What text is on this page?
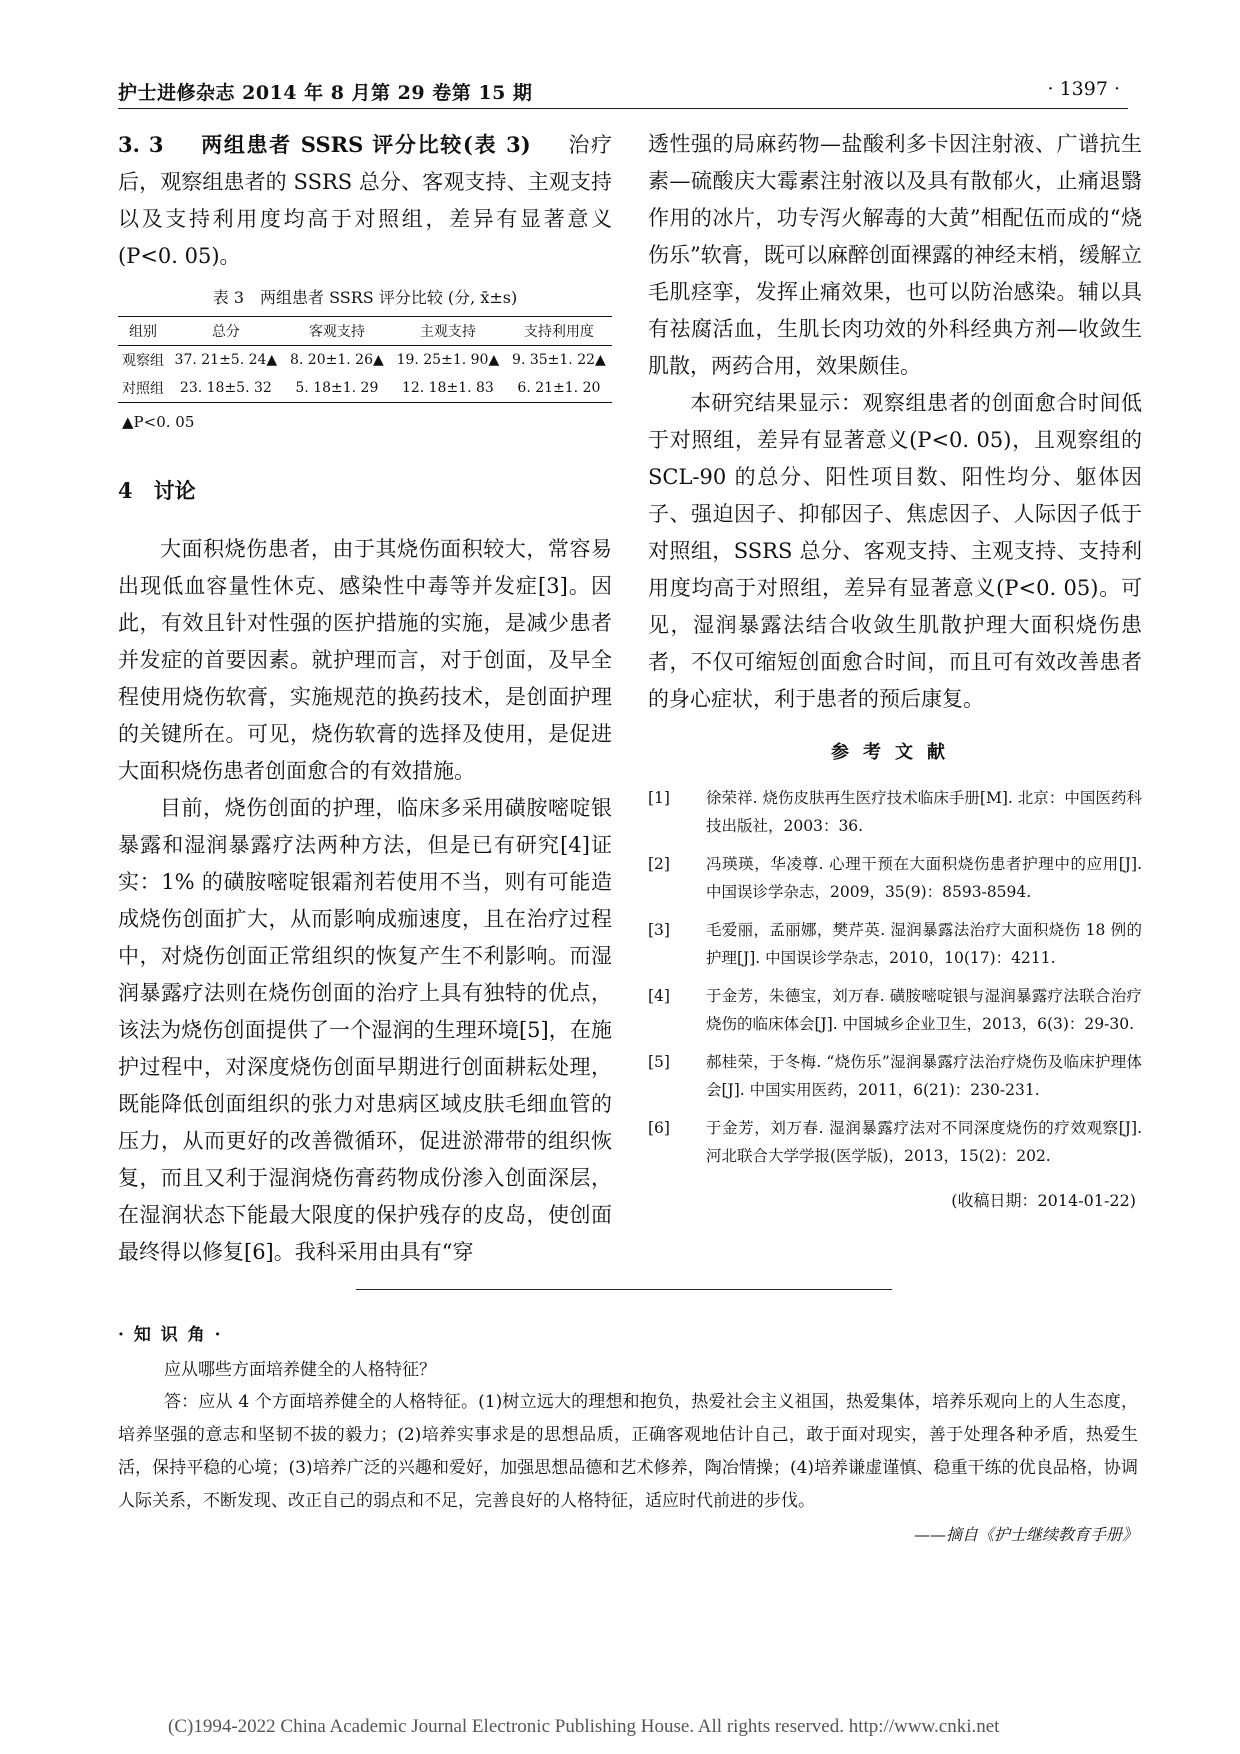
护士进修杂志 2014 年 8 月第 29 卷第 15 期	· 1397 ·

3. 3   两组患者 SSRS 评分比较(表 3)   治疗后，观察组患者的 SSRS 总分、客观支持、主观支持以及支持利用度均高于对照组，差异有显著意义(P<0. 05)。

表 3　两组患者 SSRS 评分比较 (分, x̄±s)
组别	总分	客观支持	主观支持	支持利用度
观察组	37. 21±5. 24▲	8. 20±1. 26▲	19. 25±1. 90▲	9. 35±1. 22▲
对照组	23. 18±5. 32	5. 18±1. 29	12. 18±1. 83	6. 21±1. 20
▲P<0. 05
4　讨论

大面积烧伤患者，由于其烧伤面积较大，常容易出现低血容量性休克、感染性中毒等并发症[3]。因此，有效且针对性强的医护措施的实施，是减少患者并发症的首要因素。就护理而言，对于创面，及早全程使用烧伤软膏，实施规范的换药技术，是创面护理的关键所在。可见，烧伤软膏的选择及使用，是促进大面积烧伤患者创面愈合的有效措施。

目前，烧伤创面的护理，临床多采用磺胺嘧啶银暴露和湿润暴露疗法两种方法，但是已有研究[4]证实：1% 的磺胺嘧啶银霜剂若使用不当，则有可能造成烧伤创面扩大，从而影响成痂速度，且在治疗过程中，对烧伤创面正常组织的恢复产生不利影响。而湿润暴露疗法则在烧伤创面的治疗上具有独特的优点，该法为烧伤创面提供了一个湿润的生理环境[5]，在施护过程中，对深度烧伤创面早期进行创面耕耘处理，既能降低创面组织的张力对患病区域皮肤毛细血管的压力，从而更好的改善微循环，促进淤滞带的组织恢复，而且又利于湿润烧伤膏药物成份渗入创面深层，在湿润状态下能最大限度的保护残存的皮岛，使创面最终得以修复[6]。我科采用由具有“穿

透性强的局麻药物—盐酸利多卡因注射液、广谱抗生素—硫酸庆大霉素注射液以及具有散郁火，止痛退翳作用的冰片，功专泻火解毒的大黄”相配伍而成的“烧伤乐”软膏，既可以麻醉创面裸露的神经末梢，缓解立毛肌痉挛，发挥止痛效果，也可以防治感染。辅以具有祛腐活血，生肌长肉功效的外科经典方剂—收敛生肌散，两药合用，效果颇佳。

本研究结果显示：观察组患者的创面愈合时间低于对照组，差异有显著意义(P<0. 05)，且观察组的 SCL-90 的总分、阳性项目数、阳性均分、躯体因子、强迫因子、抑郁因子、焦虑因子、人际因子低于对照组，SSRS 总分、客观支持、主观支持、支持利用度均高于对照组，差异有显著意义(P<0. 05)。可见，湿润暴露法结合收敛生肌散护理大面积烧伤患者，不仅可缩短创面愈合时间，而且可有效改善患者的身心症状，利于患者的预后康复。

参考文献
[1] 徐荣祥. 烧伤皮肤再生医疗技术临床手册[M]. 北京：中国医药科技出版社，2003：36.
[2] 冯瑛瑛，华凌尊. 心理干预在大面积烧伤患者护理中的应用[J]. 中国误诊学杂志，2009，35(9)：8593-8594.
[3] 毛爱丽，孟丽娜，樊芹英. 湿润暴露法治疗大面积烧伤 18 例的护理[J]. 中国误诊学杂志，2010，10(17)：4211.
[4] 于金芳，朱德宝，刘万春. 磺胺嘧啶银与湿润暴露疗法联合治疗烧伤的临床体会[J]. 中国城乡企业卫生，2013，6(3)：29-30.
[5] 郝桂荣，于冬梅. “烧伤乐”湿润暴露疗法治疗烧伤及临床护理体会[J]. 中国实用医药，2011，6(21)：230-231.
[6] 于金芳，刘万春. 湿润暴露疗法对不同深度烧伤的疗效观察[J]. 河北联合大学学报(医学版)，2013，15(2)：202.
(收稿日期：2014-01-22)
· 知 识 角 ·
应从哪些方面培养健全的人格特征？
答：应从 4 个方面培养健全的人格特征。(1)树立远大的理想和抱负，热爱社会主义祖国，热爱集体，培养乐观向上的人生态度，培养坚强的意志和坚韧不拔的毅力；(2)培养实事求是的思想品质，正确客观地估计自己，敢于面对现实，善于处理各种矛盾，热爱生活，保持平稳的心境；(3)培养广泛的兴趣和爱好，加强思想品德和艺术修养，陶冶情操；(4)培养谦虚谨慎、稳重干练的优良品格，协调人际关系，不断发现、改正自己的弱点和不足，完善良好的人格特征，适应时代前进的步伐。
——摘自《护士继续教育手册》
(C)1994-2022 China Academic Journal Electronic Publishing House. All rights reserved. http://www.cnki.net
